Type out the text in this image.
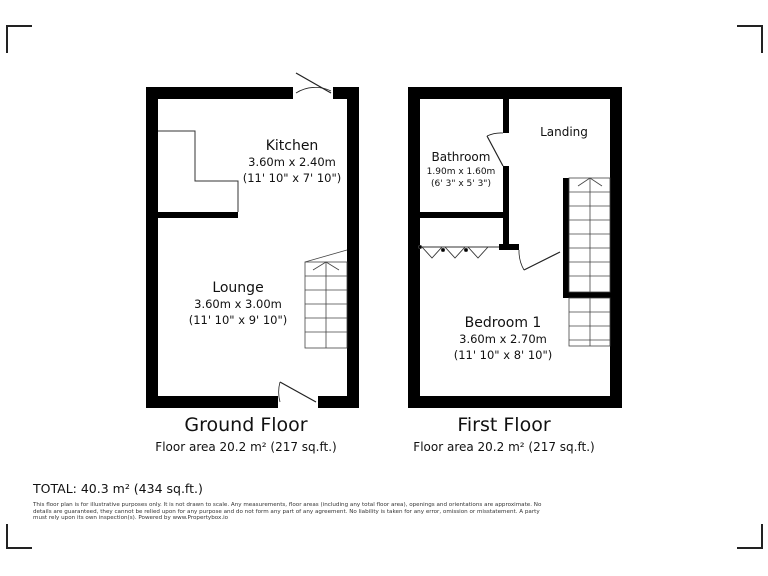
Kitchen
3.60m x 2.40m
(11' 10" x 7' 10")
Lounge
3.60m x 3.00m
(11' 10" x 9' 10")
Ground Floor
Floor area 20.2 m² (217 sq.ft.)
Bathroom
1.90m x 1.60m
(6' 3" x 5' 3")
Landing
Bedroom 1
3.60m x 2.70m
(11' 10" x 8' 10")
First Floor
Floor area 20.2 m² (217 sq.ft.)
TOTAL: 40.3 m² (434 sq.ft.)
This floor plan is for illustrative purposes only. It is not drawn to scale. Any measurements, floor areas (including any total floor area), openings and orientations are approximate. No details are guaranteed, they cannot be relied upon for any purpose and do not form any part of any agreement. No liability is taken for any error, omission or misstatement. A party must rely upon its own inspection(s). Powered by www.Propertybox.io
